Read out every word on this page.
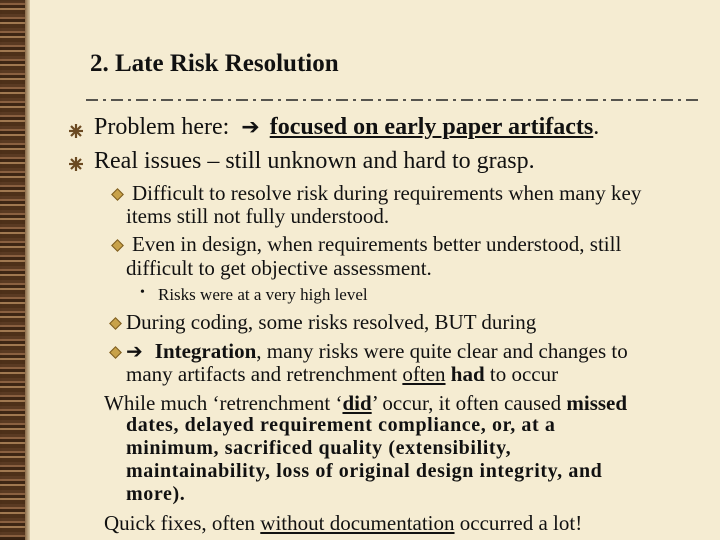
2. Late Risk Resolution
Problem here: ➔ focused on early paper artifacts.
Real issues – still unknown and hard to grasp.
Difficult to resolve risk during requirements when many key
items still not fully understood.
Even in design, when requirements better understood, still
difficult to get objective assessment.
• Risks were at a very high level
During coding, some risks resolved, BUT during
➔ Integration, many risks were quite clear and changes to
many artifacts and retrenchment often had to occur
While much ‘retrenchment ‘did’ occur, it often caused missed
dates, delayed requirement compliance, or, at a
minimum, sacrificed quality (extensibility,
maintainability, loss of original design integrity, and
more).
Quick fixes, often without documentation occurred a lot!
